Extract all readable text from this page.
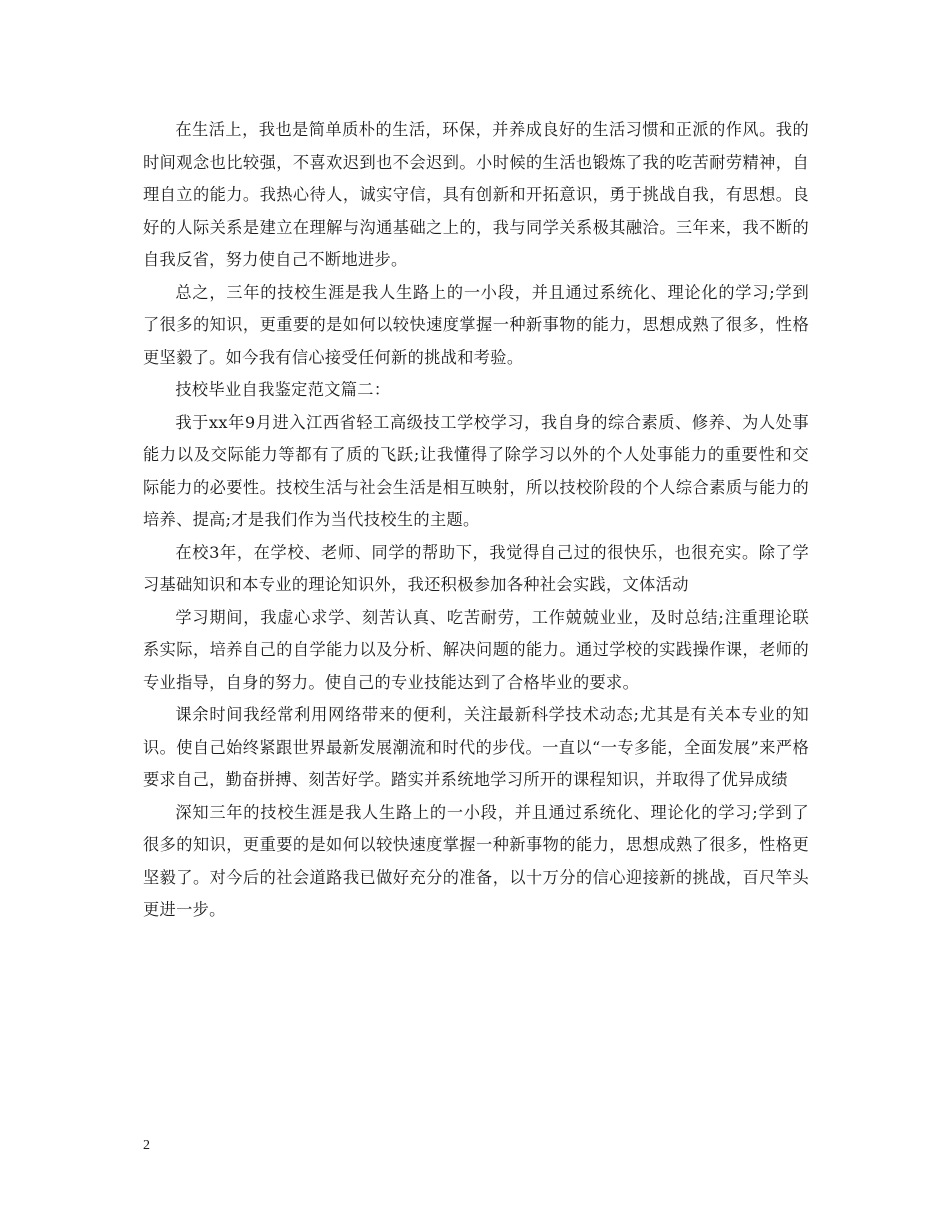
在生活上，我也是简单质朴的生活，环保，并养成良好的生活习惯和正派的作风。我的时间观念也比较强，不喜欢迟到也不会迟到。小时候的生活也锻炼了我的吃苦耐劳精神，自理自立的能力。我热心待人，诚实守信，具有创新和开拓意识，勇于挑战自我，有思想。良好的人际关系是建立在理解与沟通基础之上的，我与同学关系极其融洽。三年来，我不断的自我反省，努力使自己不断地进步。

总之，三年的技校生涯是我人生路上的一小段，并且通过系统化、理论化的学习;学到了很多的知识，更重要的是如何以较快速度掌握一种新事物的能力，思想成熟了很多，性格更坚毅了。如今我有信心接受任何新的挑战和考验。

技校毕业自我鉴定范文篇二：

我于xx年9月进入江西省轻工高级技工学校学习，我自身的综合素质、修养、为人处事能力以及交际能力等都有了质的飞跃;让我懂得了除学习以外的个人处事能力的重要性和交际能力的必要性。技校生活与社会生活是相互映射，所以技校阶段的个人综合素质与能力的培养、提高;才是我们作为当代技校生的主题。

在校3年，在学校、老师、同学的帮助下，我觉得自己过的很快乐，也很充实。除了学习基础知识和本专业的理论知识外，我还积极参加各种社会实践，文体活动

学习期间，我虚心求学、刻苦认真、吃苦耐劳，工作兢兢业业，及时总结;注重理论联系实际，培养自己的自学能力以及分析、解决问题的能力。通过学校的实践操作课，老师的专业指导，自身的努力。使自己的专业技能达到了合格毕业的要求。

课余时间我经常利用网络带来的便利，关注最新科学技术动态;尤其是有关本专业的知识。使自己始终紧跟世界最新发展潮流和时代的步伐。一直以“一专多能，全面发展”来严格要求自己，勤奋拼搏、刻苦好学。踏实并系统地学习所开的课程知识，并取得了优异成绩

深知三年的技校生涯是我人生路上的一小段，并且通过系统化、理论化的学习;学到了很多的知识，更重要的是如何以较快速度掌握一种新事物的能力，思想成熟了很多，性格更坚毅了。对今后的社会道路我已做好充分的准备，以十万分的信心迎接新的挑战，百尺竿头更进一步。

2
